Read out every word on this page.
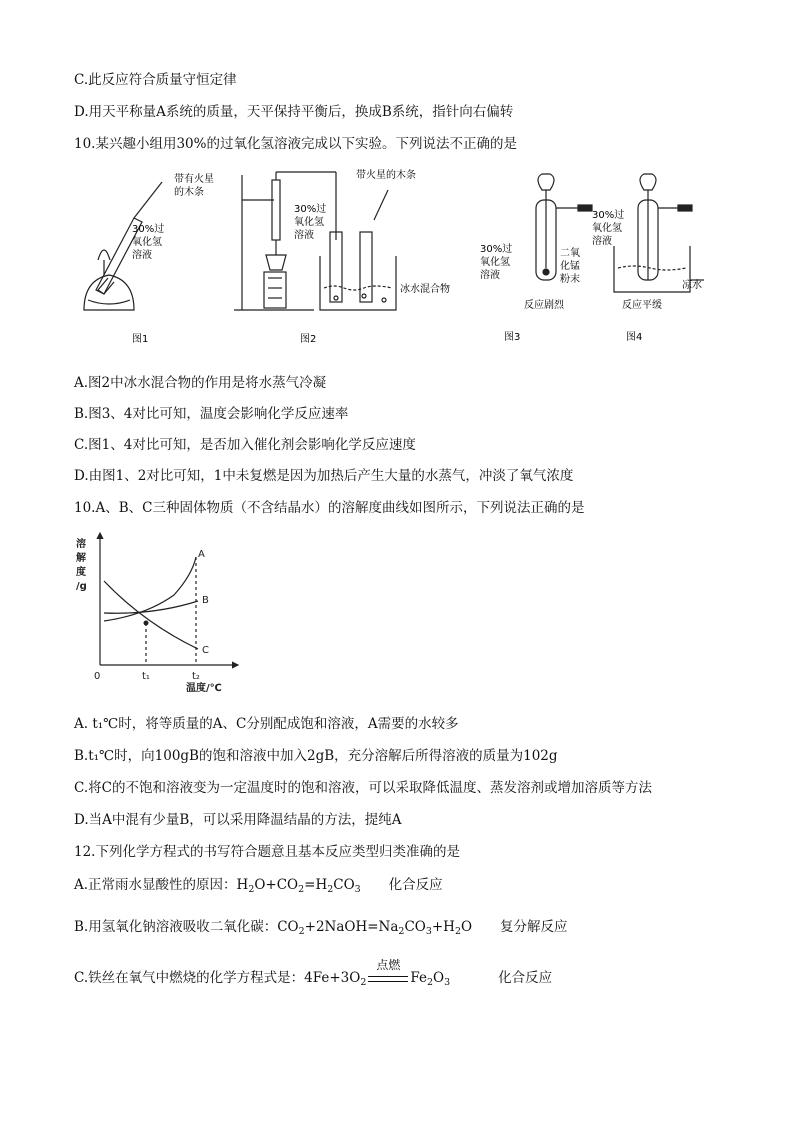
C.此反应符合质量守恒定律
D.用天平称量A系统的质量，天平保持平衡后，换成B系统，指针向右偏转
10.某兴趣小组用30%的过氧化氢溶液完成以下实验。下列说法不正确的是
带有火星
的木条
30%过
氧化氢
溶液
30%过
氧化氢
溶液
带火星的木条
冰水混合物
30%过
氧化氢
溶液
二氧
化锰
粉末
反应剧烈
30%过
氧化氢
溶液
凉水
反应平缓
图1	图2	图3	图4
A.图2中冰水混合物的作用是将水蒸气冷凝
B.图3、4对比可知，温度会影响化学反应速率
C.图1、4对比可知，是否加入催化剂会影响化学反应速度
D.由图1、2对比可知，1中未复燃是因为加热后产生大量的水蒸气，冲淡了氧气浓度
10.A、B、C三种固体物质（不含结晶水）的溶解度曲线如图所示，下列说法正确的是
溶
解
度
/g
A
B
C
0	t₁	t₂
温度/℃
A. t₁℃时，将等质量的A、C分别配成饱和溶液，A需要的水较多
B.t₁℃时，向100gB的饱和溶液中加入2gB，充分溶解后所得溶液的质量为102g
C.将C的不饱和溶液变为一定温度时的饱和溶液，可以采取降低温度、蒸发溶剂或增加溶质等方法
D.当A中混有少量B，可以采用降温结晶的方法，提纯A
12.下列化学方程式的书写符合题意且基本反应类型归类准确的是
A.正常雨水显酸性的原因：$H_2O+CO_2=H_2CO_3$ 化合反应
B.用氢氧化钠溶液吸收二氧化碳：$CO_2+2NaOH=Na_2CO_3+H_2O$ 复分解反应
C.铁丝在氧气中燃烧的化学方程式是：$4Fe+3O_2$
点燃
$Fe_2O_3$	化合反应
